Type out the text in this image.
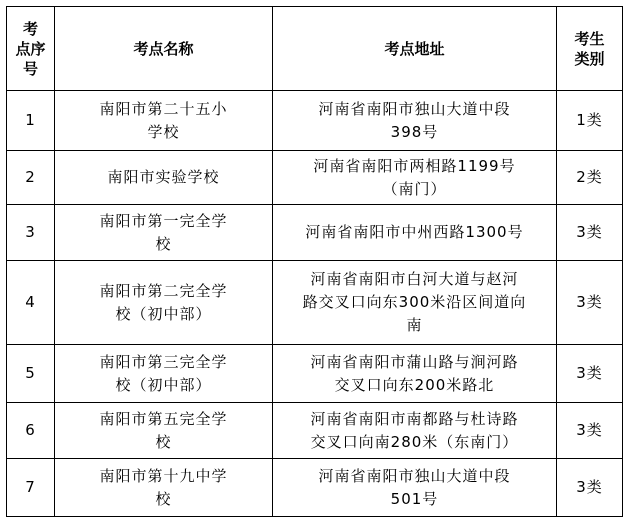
考
点序
号	考点名称	考点地址	考生
类别
1	南阳市第二十五小
学校	河南省南阳市独山大道中段
398号	1类
2	南阳市实验学校	河南省南阳市两相路1199号
（南门）	2类
3	南阳市第一完全学
校	河南省南阳市中州西路1300号	3类
4	南阳市第二完全学
校（初中部）	河南省南阳市白河大道与赵河
路交叉口向东300米沿区间道向
南	3类
5	南阳市第三完全学
校（初中部）	河南省南阳市蒲山路与涧河路
交叉口向东200米路北	3类
6	南阳市第五完全学
校	河南省南阳市南都路与杜诗路
交叉口向南280米（东南门）	3类
7	南阳市第十九中学
校	河南省南阳市独山大道中段
501号	3类
